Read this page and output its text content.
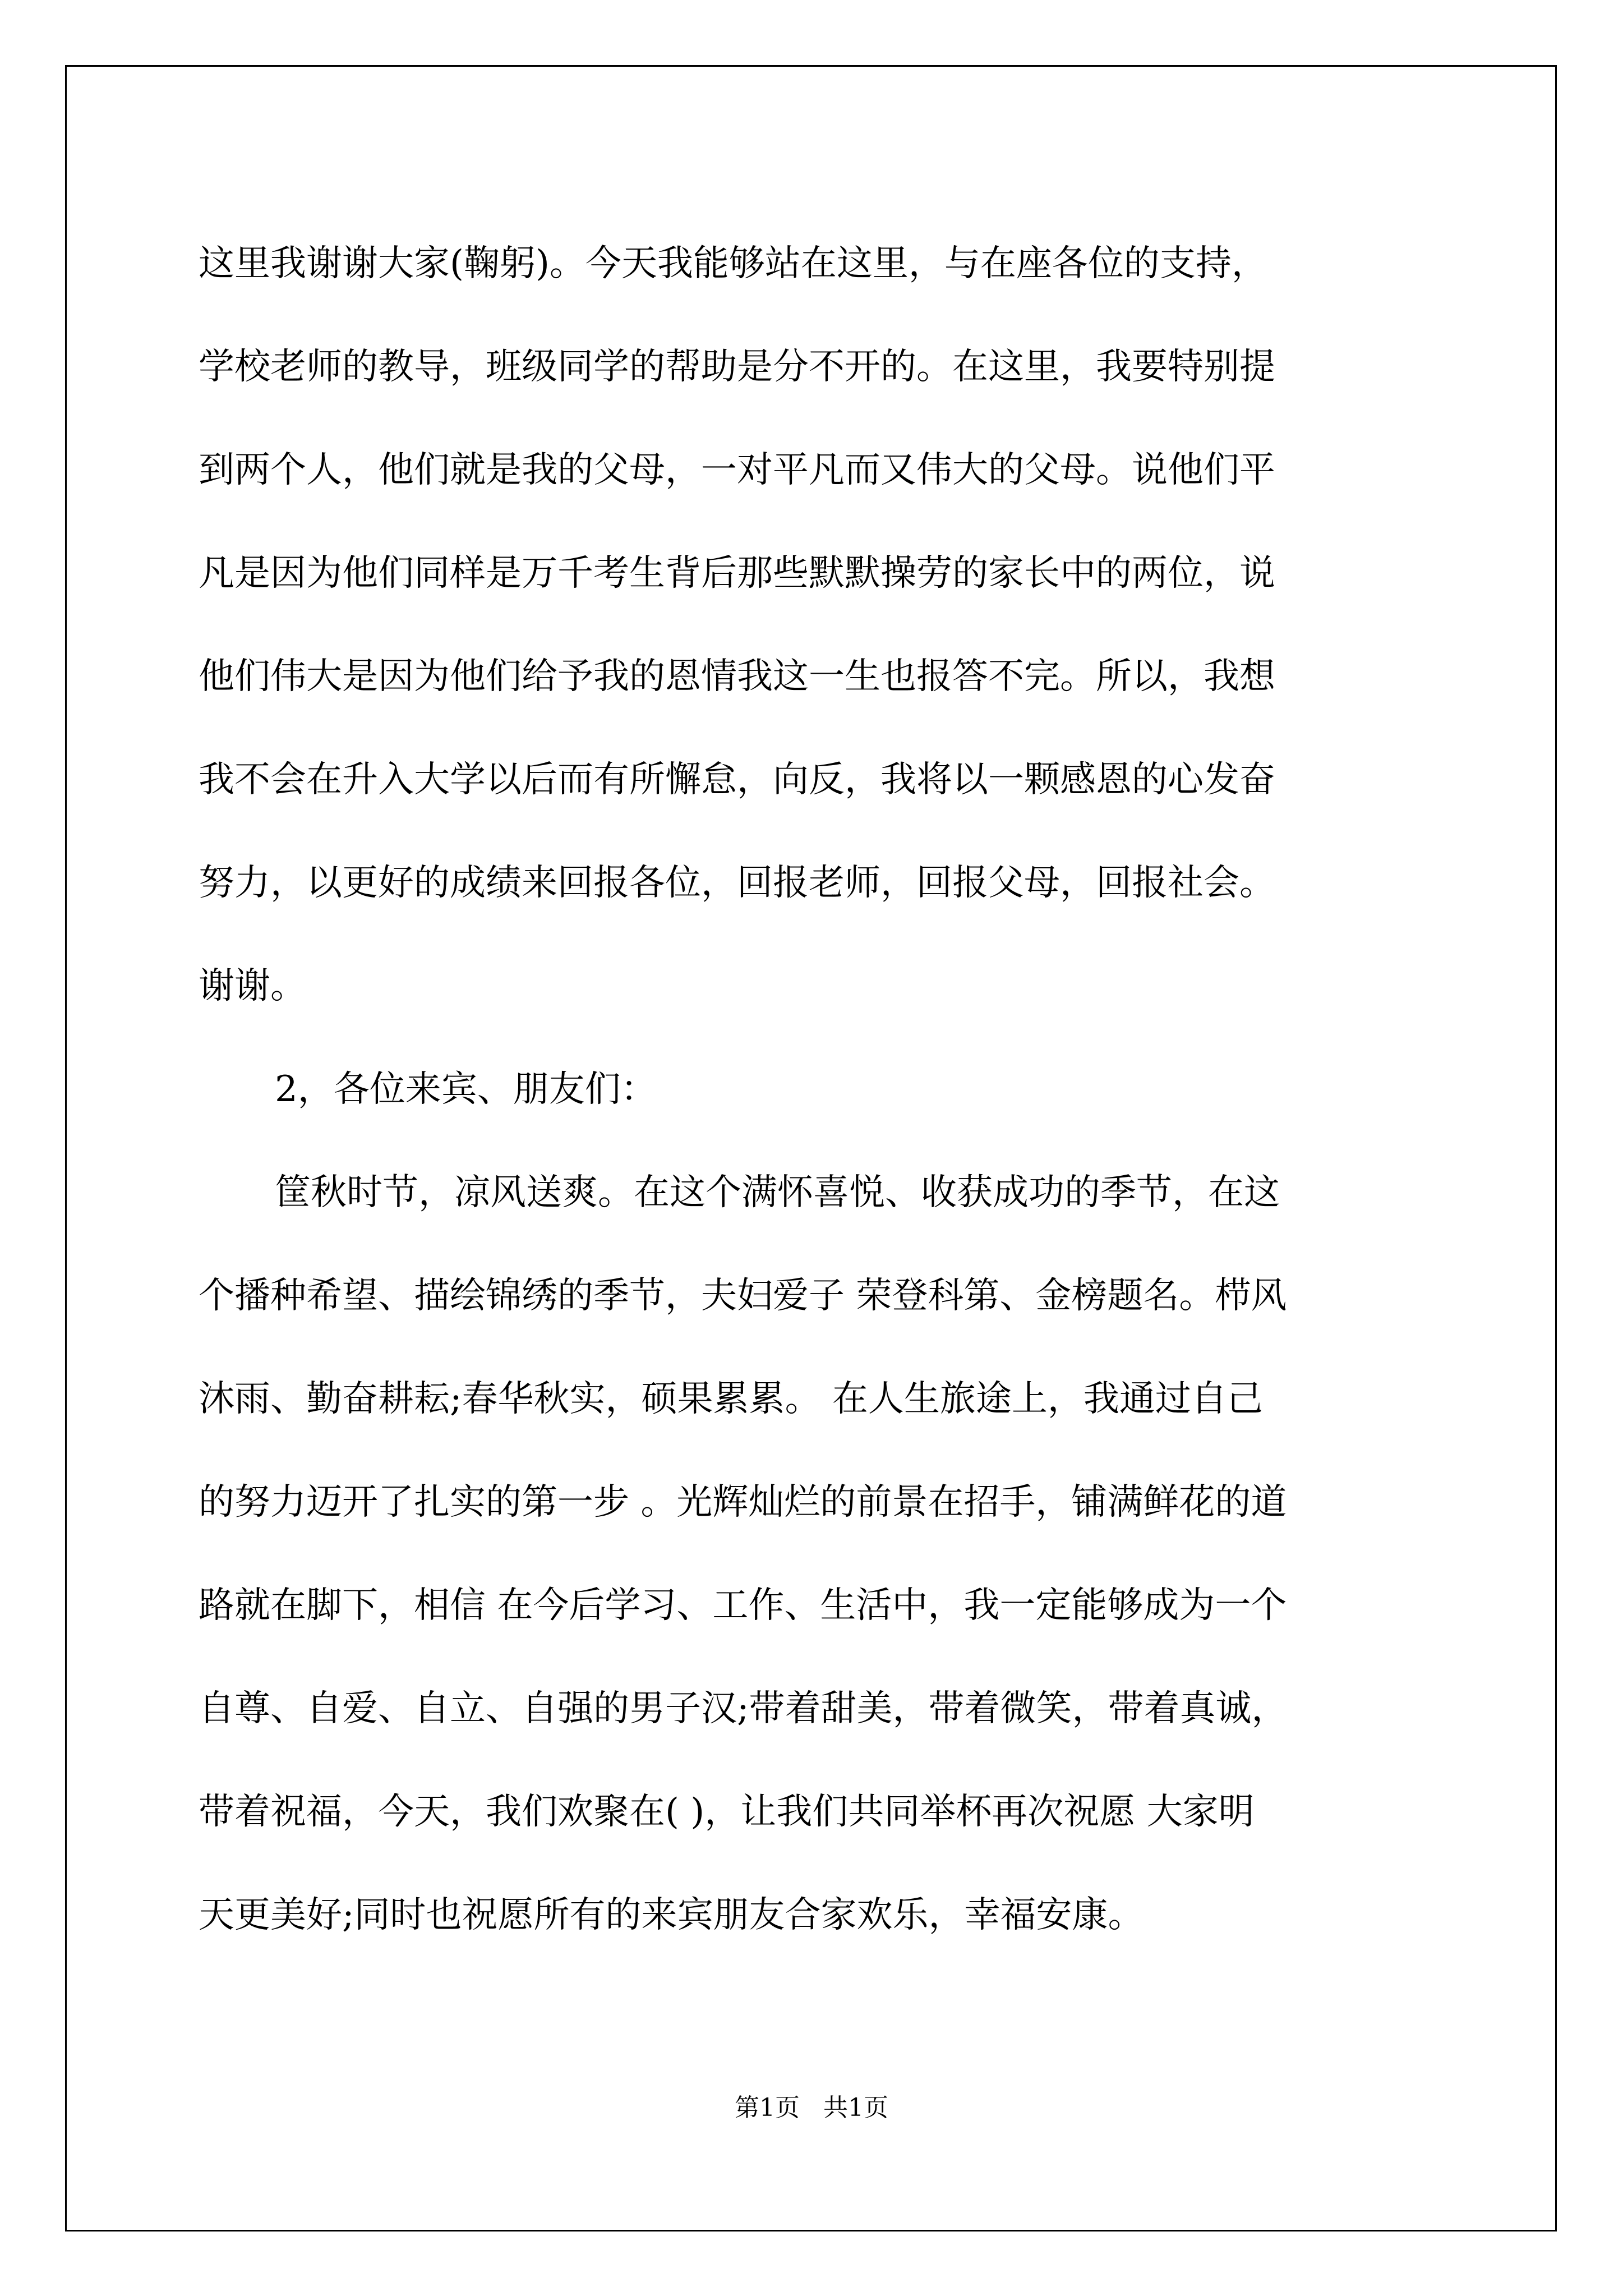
这里我谢谢大家(鞠躬)。今天我能够站在这里，与在座各位的支持，
学校老师的教导，班级同学的帮助是分不开的。在这里，我要特别提
到两个人，他们就是我的父母，一对平凡而又伟大的父母。说他们平
凡是因为他们同样是万千考生背后那些默默操劳的家长中的两位，说
他们伟大是因为他们给予我的恩情我这一生也报答不完。所以，我想
我不会在升入大学以后而有所懈怠，向反，我将以一颗感恩的心发奋
努力，以更好的成绩来回报各位，回报老师，回报父母，回报社会。
谢谢。
2，各位来宾、朋友们：
筐秋时节，凉风送爽。在这个满怀喜悦、收获成功的季节，在这
个播种希望、描绘锦绣的季节，夫妇爱子 荣登科第、金榜题名。栉风
沐雨、勤奋耕耘;春华秋实，硕果累累。 在人生旅途上，我通过自己
的努力迈开了扎实的第一步 。光辉灿烂的前景在招手，铺满鲜花的道
路就在脚下，相信 在今后学习、工作、生活中，我一定能够成为一个
自尊、自爱、自立、自强的男子汉;带着甜美，带着微笑，带着真诚，
带着祝福，今天，我们欢聚在( )，让我们共同举杯再次祝愿 大家明
天更美好;同时也祝愿所有的来宾朋友合家欢乐，幸福安康。
第1页   共1页
